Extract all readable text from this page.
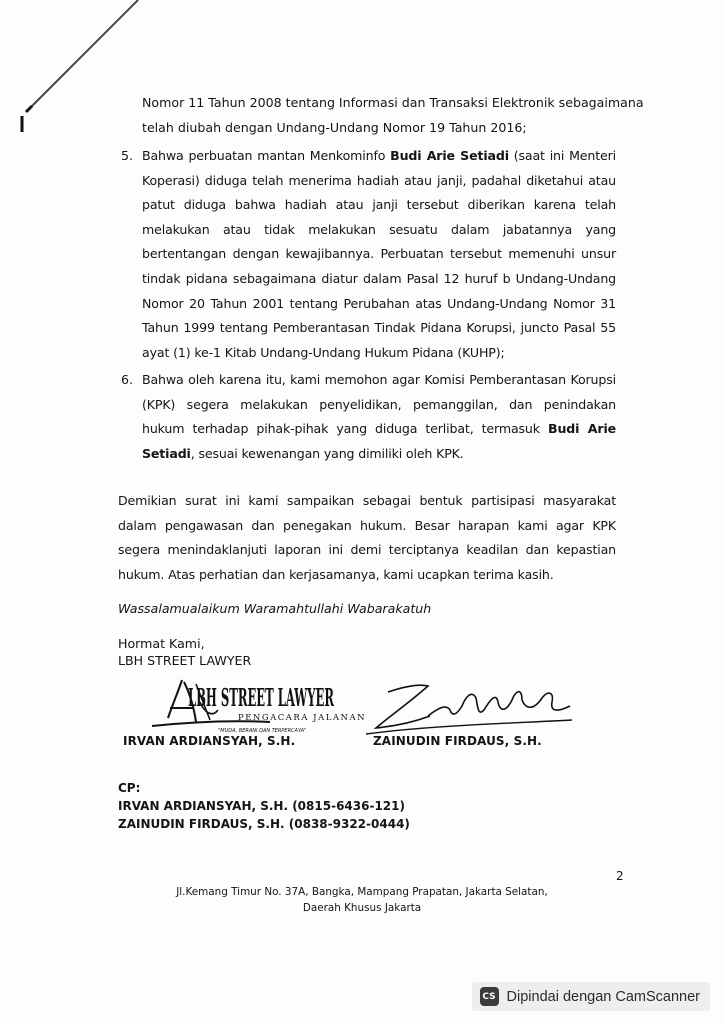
Nomor 11 Tahun 2008 tentang Informasi dan Transaksi Elektronik sebagaimana
telah diubah dengan Undang-Undang Nomor 19 Tahun 2016;
5. Bahwa perbuatan mantan Menkominfo Budi Arie Setiadi (saat ini Menteri Koperasi) diduga telah menerima hadiah atau janji, padahal diketahui atau patut diduga bahwa hadiah atau janji tersebut diberikan karena telah melakukan atau tidak melakukan sesuatu dalam jabatannya yang bertentangan dengan kewajibannya. Perbuatan tersebut memenuhi unsur tindak pidana sebagaimana diatur dalam Pasal 12 huruf b Undang-Undang Nomor 20 Tahun 2001 tentang Perubahan atas Undang-Undang Nomor 31 Tahun 1999 tentang Pemberantasan Tindak Pidana Korupsi, juncto Pasal 55 ayat (1) ke-1 Kitab Undang-Undang Hukum Pidana (KUHP);
6. Bahwa oleh karena itu, kami memohon agar Komisi Pemberantasan Korupsi (KPK) segera melakukan penyelidikan, pemanggilan, dan penindakan hukum terhadap pihak-pihak yang diduga terlibat, termasuk Budi Arie Setiadi, sesuai kewenangan yang dimiliki oleh KPK.
Demikian surat ini kami sampaikan sebagai bentuk partisipasi masyarakat dalam pengawasan dan penegakan hukum. Besar harapan kami agar KPK segera menindaklanjuti laporan ini demi terciptanya keadilan dan kepastian hukum. Atas perhatian dan kerjasamanya, kami ucapkan terima kasih.
Wassalamualaikum Waramahtullahi Wabarakatuh
Hormat Kami,
LBH STREET LAWYER
LBH STREET LAWYER
PENGACARA JALANAN
"MUDA, BERANI DAN TERPERCAYA"
IRVAN ARDIANSYAH, S.H.	ZAINUDIN FIRDAUS, S.H.
CP:
IRVAN ARDIANSYAH, S.H. (0815-6436-121)
ZAINUDIN FIRDAUS, S.H. (0838-9322-0444)
2
Jl.Kemang Timur No. 37A, Bangka, Mampang Prapatan, Jakarta Selatan,
Daerah Khusus Jakarta
CS Dipindai dengan CamScanner
